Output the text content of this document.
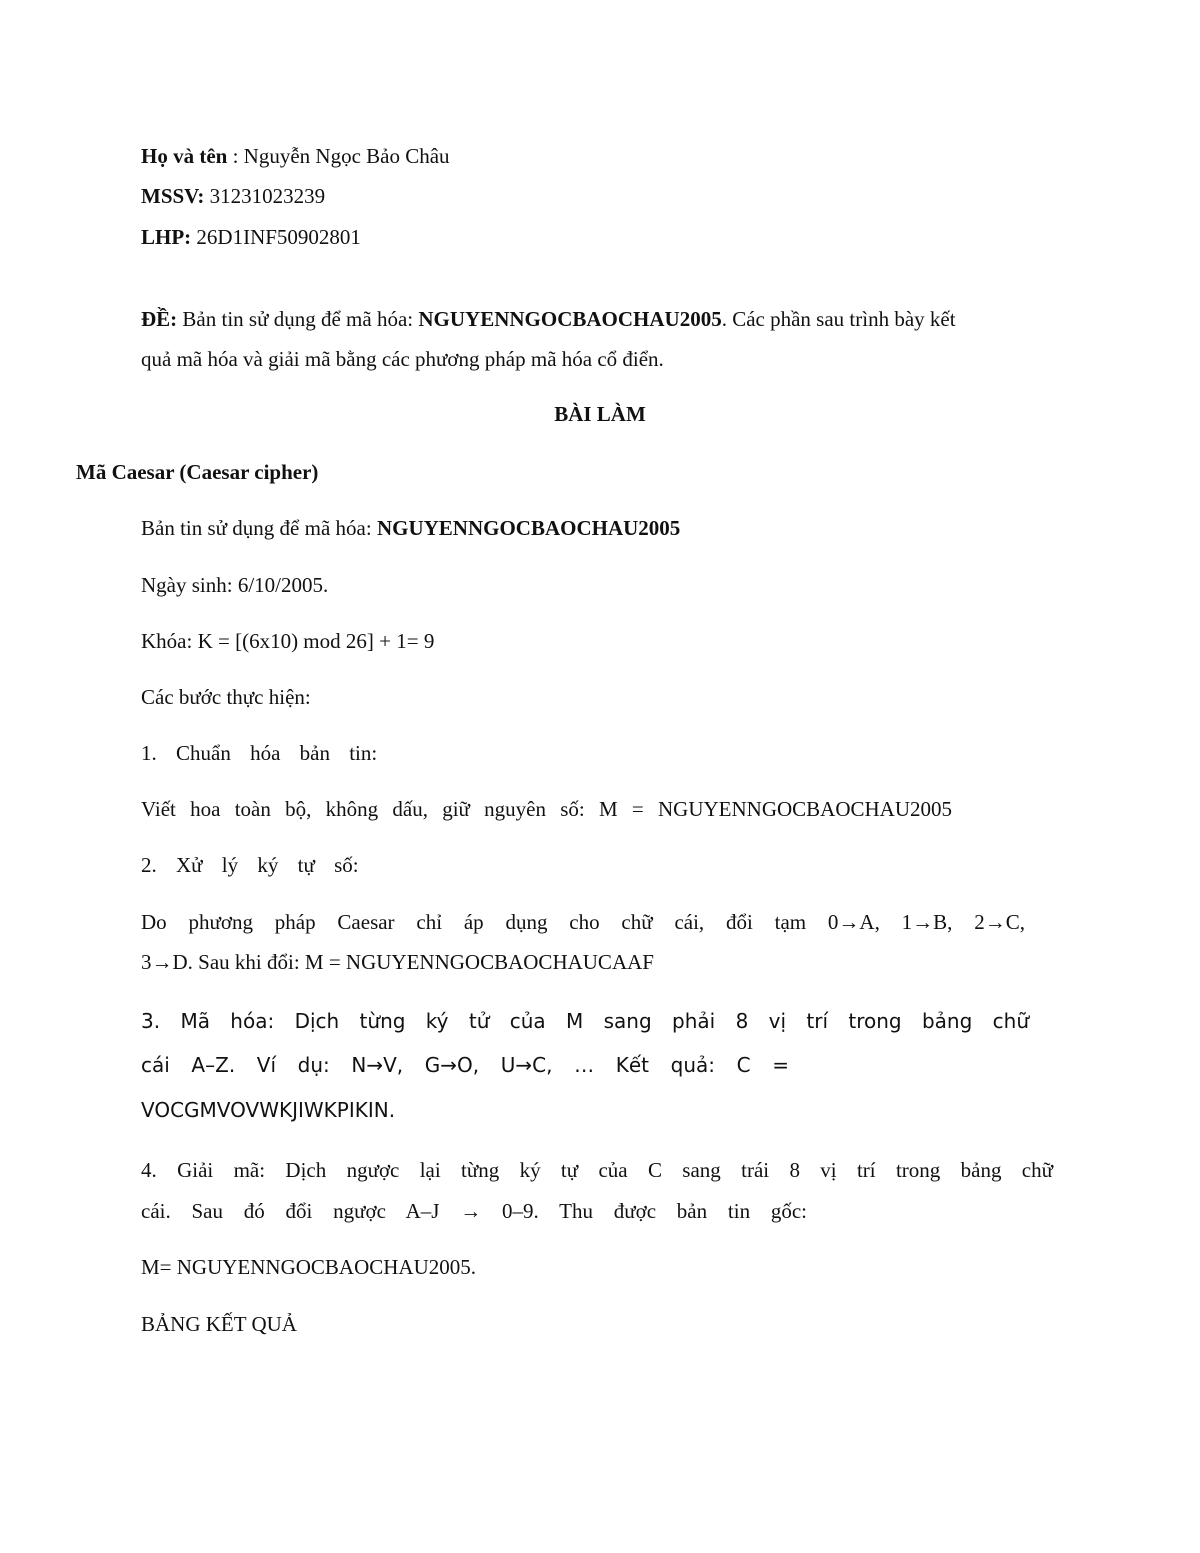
Họ và tên : Nguyễn Ngọc Bảo Châu
MSSV: 31231023239
LHP: 26D1INF50902801
ĐỀ: Bản tin sử dụng để mã hóa: NGUYENNGOCBAOCHAU2005. Các phần sau trình bày kết
quả mã hóa và giải mã bằng các phương pháp mã hóa cổ điển.
BÀI LÀM
Mã Caesar (Caesar cipher)
Bản tin sử dụng để mã hóa: NGUYENNGOCBAOCHAU2005
Ngày sinh: 6/10/2005.
Khóa: K = [(6x10) mod 26] + 1= 9
Các bước thực hiện:
1. Chuẩn hóa bản tin:
Viết hoa toàn bộ, không dấu, giữ nguyên số: M = NGUYENNGOCBAOCHAU2005
2. Xử lý ký tự số:
Do phương pháp Caesar chỉ áp dụng cho chữ cái, đổi tạm 0→A, 1→B, 2→C,
3→D. Sau khi đổi: M = NGUYENNGOCBAOCHAUCAAF
3. Mã hóa: Dịch từng ký tử của M sang phải 8 vị trí trong bảng chữ
cái A–Z. Ví dụ: N→V, G→O, U→C, … Kết quả: C =
VOCGMVOVWKJIWKPIKIN.
4. Giải mã: Dịch ngược lại từng ký tự của C sang trái 8 vị trí trong bảng chữ
cái. Sau đó đổi ngược A–J → 0–9. Thu được bản tin gốc:
M= NGUYENNGOCBAOCHAU2005.
BẢNG KẾT QUẢ
